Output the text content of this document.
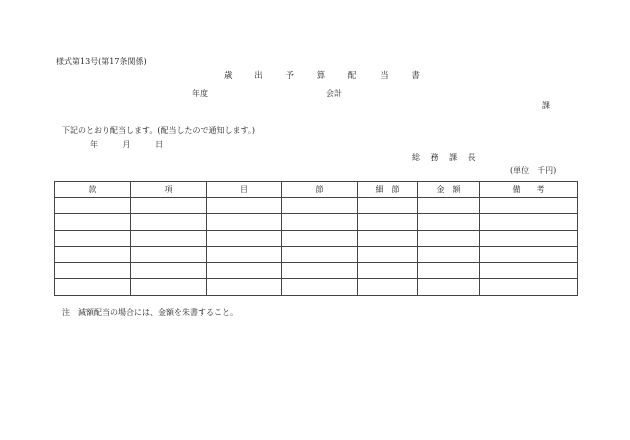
様式第13号(第17条関係)
歳	出	予	算	配	当	書
年度	会計
課
下記のとおり配当します。(配当したので通知します。)
年	月	日
総 務 課 長
(単位　千円)
款	項	目	節	細　節	金　額	備　　考

注　減額配当の場合には、金額を朱書すること。
